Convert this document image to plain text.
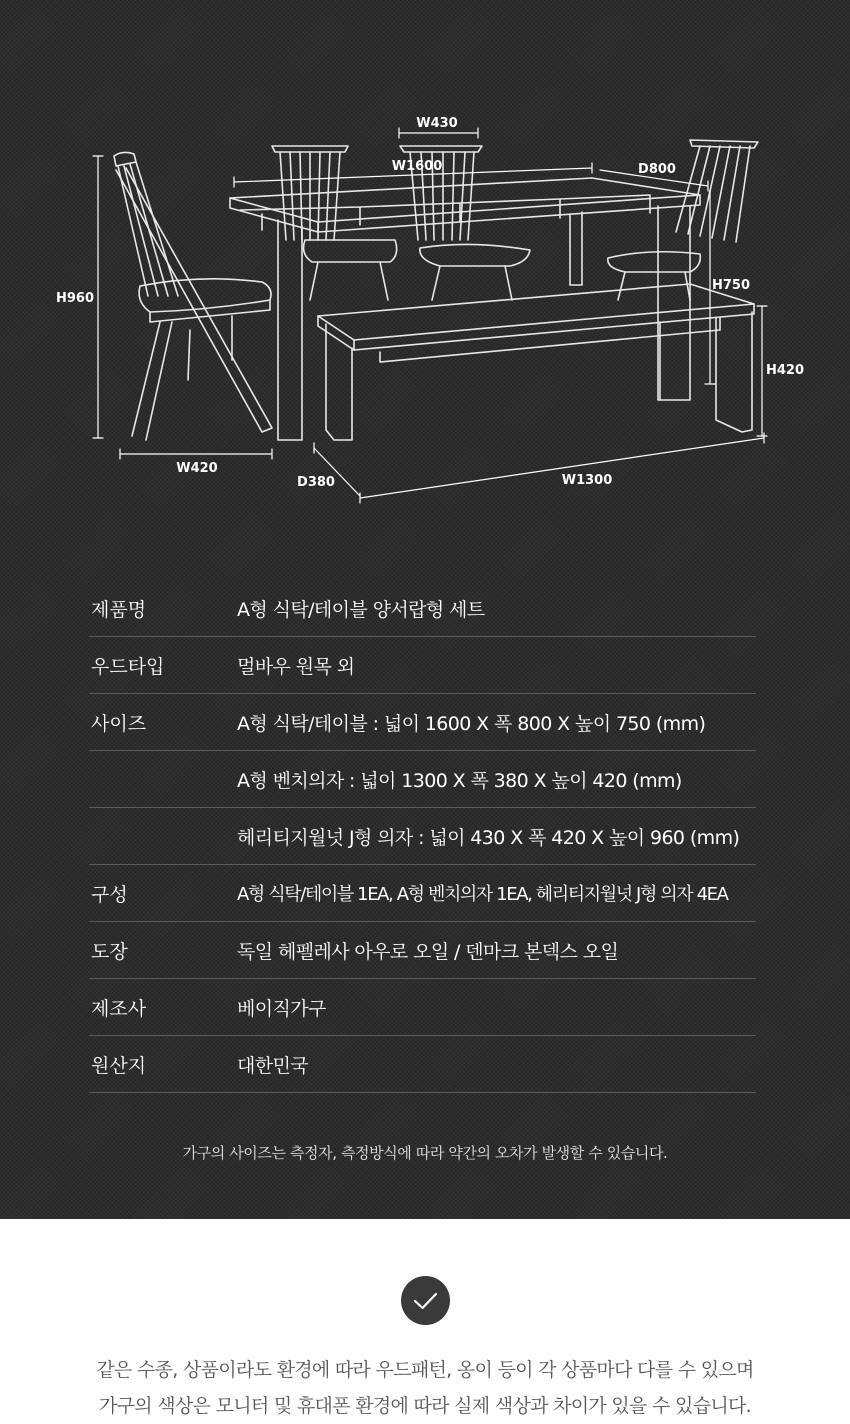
W430
W1600	D800
H960
H750
H420
W420
D380	W1300
제품명	A형 식탁/테이블 양서랍형 세트
우드타입	멀바우 원목 외
사이즈	A형 식탁/테이블 : 넓이 1600 X 폭 800 X 높이 750 (mm)
A형 벤치의자 : 넓이 1300 X 폭 380 X 높이 420 (mm)
헤리티지월넛 J형 의자 : 넓이 430 X 폭 420 X 높이 960 (mm)
구성	A형 식탁/테이블 1EA, A형 벤치의자 1EA, 헤리티지월넛 J형 의자 4EA
도장	독일 헤펠레사 아우로 오일 / 덴마크 본덱스 오일
제조사	베이직가구
원산지	대한민국
가구의 사이즈는 측정자, 측정방식에 따라 약간의 오차가 발생할 수 있습니다.
같은 수종, 상품이라도 환경에 따라 우드패턴, 옹이 등이 각 상품마다 다를 수 있으며
가구의 색상은 모니터 및 휴대폰 환경에 따라 실제 색상과 차이가 있을 수 있습니다.
